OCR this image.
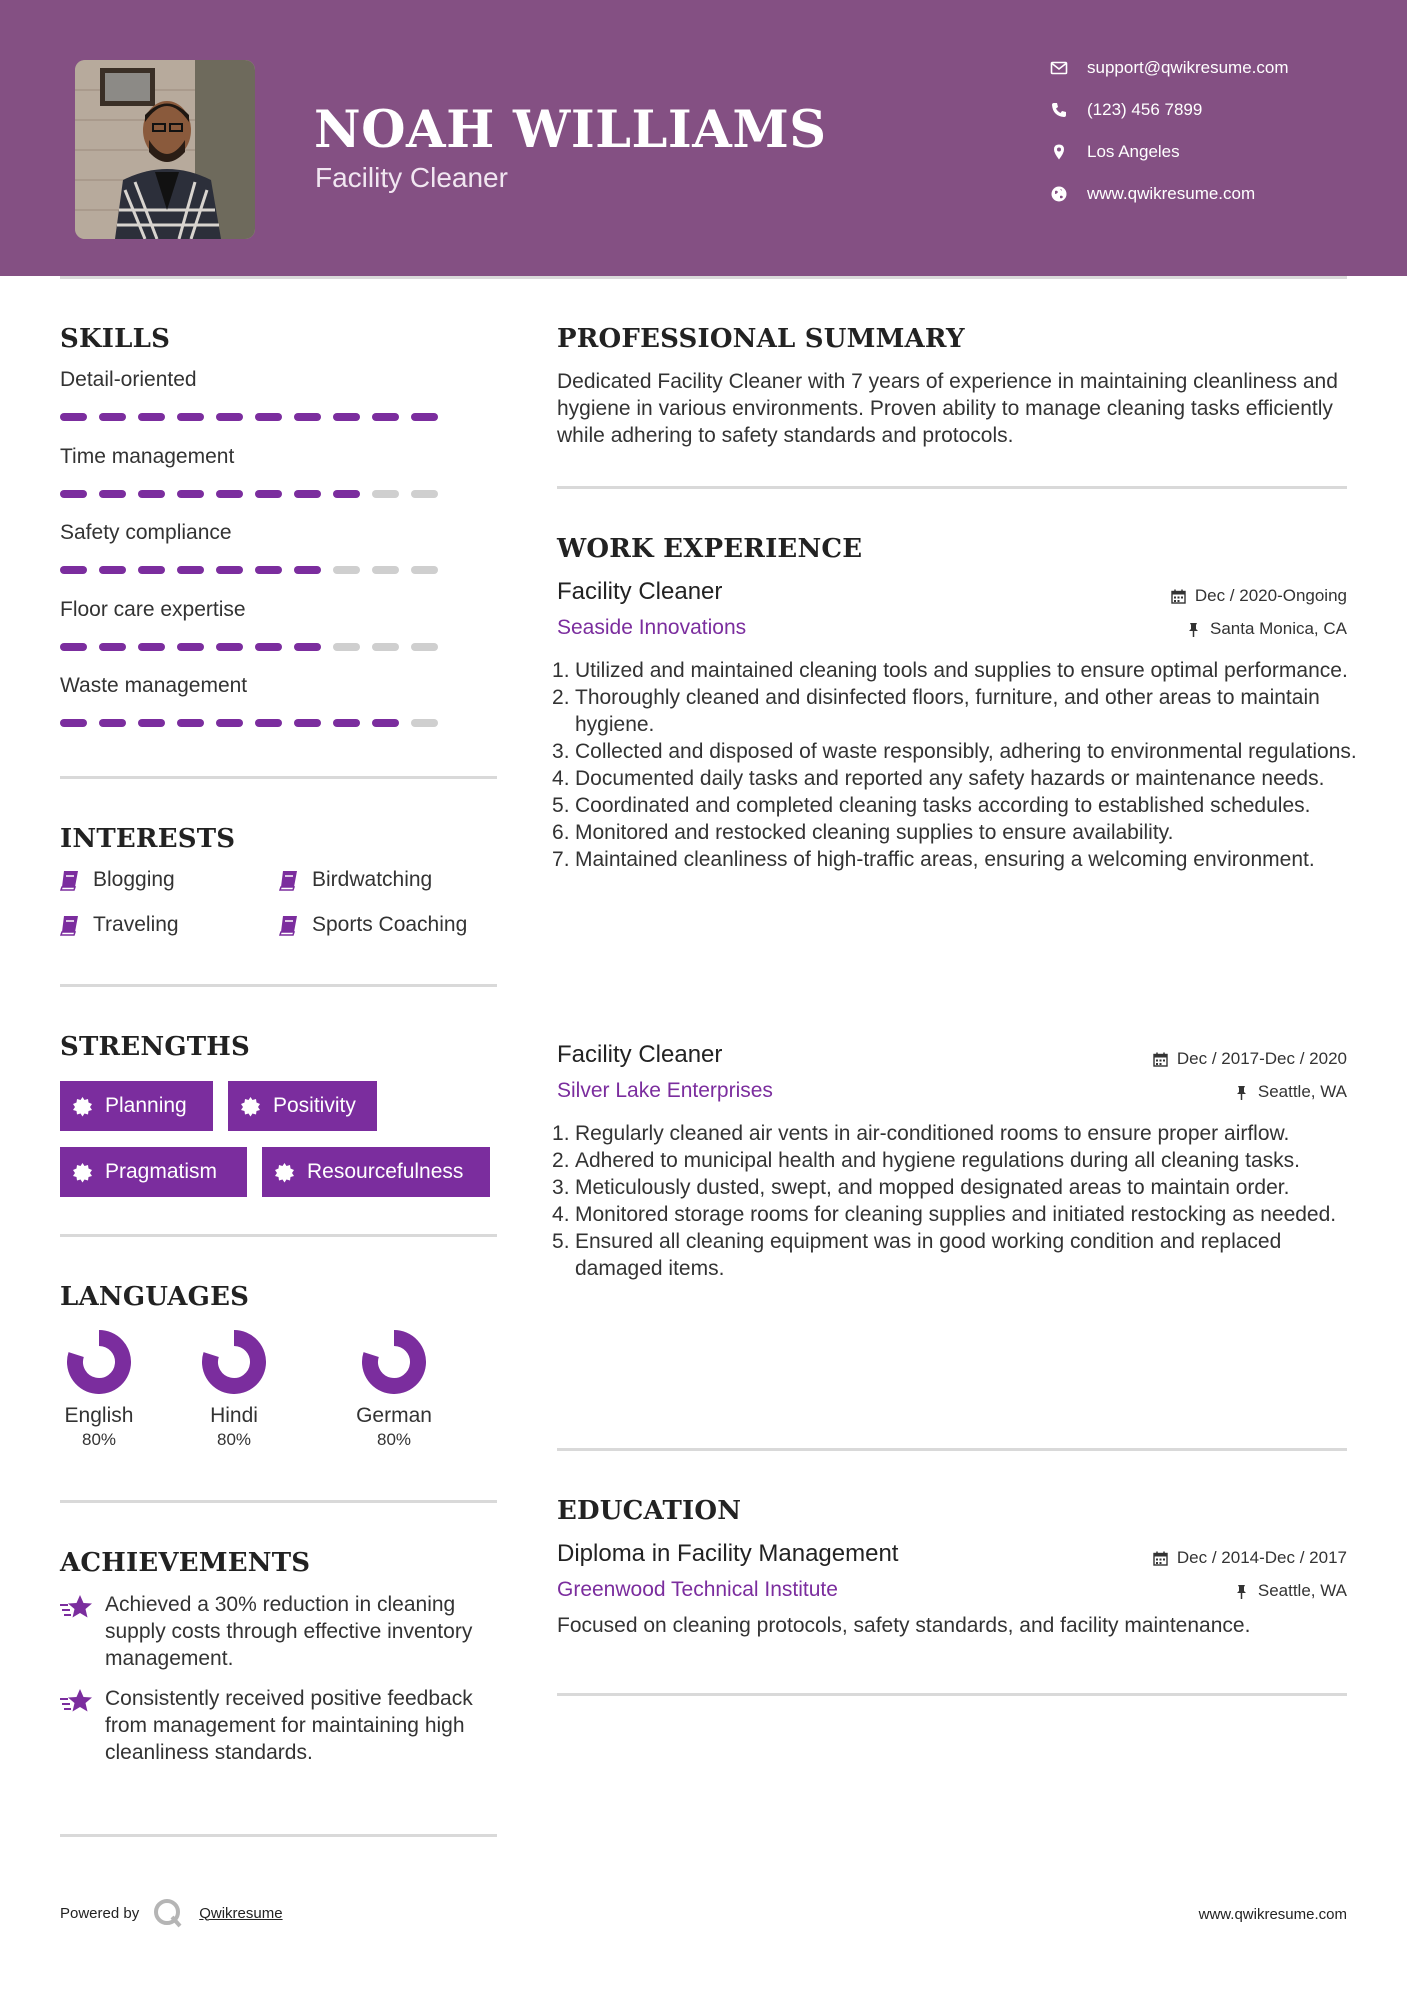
NOAH WILLIAMS
Facility Cleaner
support@qwikresume.com
(123) 456 7899
Los Angeles
www.qwikresume.com
SKILLS
Detail-oriented
Time management
Safety compliance
Floor care expertise
Waste management
INTERESTS
Blogging	Birdwatching
Traveling	Sports Coaching
STRENGTHS
Planning	Positivity
Pragmatism	Resourcefulness
LANGUAGES
English
80%
Hindi
80%
German
80%
ACHIEVEMENTS
Achieved a 30% reduction in cleaning supply costs through effective inventory management.
Consistently received positive feedback from management for maintaining high cleanliness standards.
PROFESSIONAL SUMMARY
Dedicated Facility Cleaner with 7 years of experience in maintaining cleanliness and hygiene in various environments. Proven ability to manage cleaning tasks efficiently while adhering to safety standards and protocols.
WORK EXPERIENCE
Facility Cleaner
Seaside Innovations
Dec / 2020-Ongoing
Santa Monica, CA
Utilized and maintained cleaning tools and supplies to ensure optimal performance.
Thoroughly cleaned and disinfected floors, furniture, and other areas to maintain hygiene.
Collected and disposed of waste responsibly, adhering to environmental regulations.
Documented daily tasks and reported any safety hazards or maintenance needs.
Coordinated and completed cleaning tasks according to established schedules.
Monitored and restocked cleaning supplies to ensure availability.
Maintained cleanliness of high-traffic areas, ensuring a welcoming environment.
Facility Cleaner
Silver Lake Enterprises
Dec / 2017-Dec / 2020
Seattle, WA
Regularly cleaned air vents in air-conditioned rooms to ensure proper airflow.
Adhered to municipal health and hygiene regulations during all cleaning tasks.
Meticulously dusted, swept, and mopped designated areas to maintain order.
Monitored storage rooms for cleaning supplies and initiated restocking as needed.
Ensured all cleaning equipment was in good working condition and replaced damaged items.
EDUCATION
Diploma in Facility Management
Greenwood Technical Institute
Dec / 2014-Dec / 2017
Seattle, WA
Focused on cleaning protocols, safety standards, and facility maintenance.
Powered by	Qwikresume	www.qwikresume.com
